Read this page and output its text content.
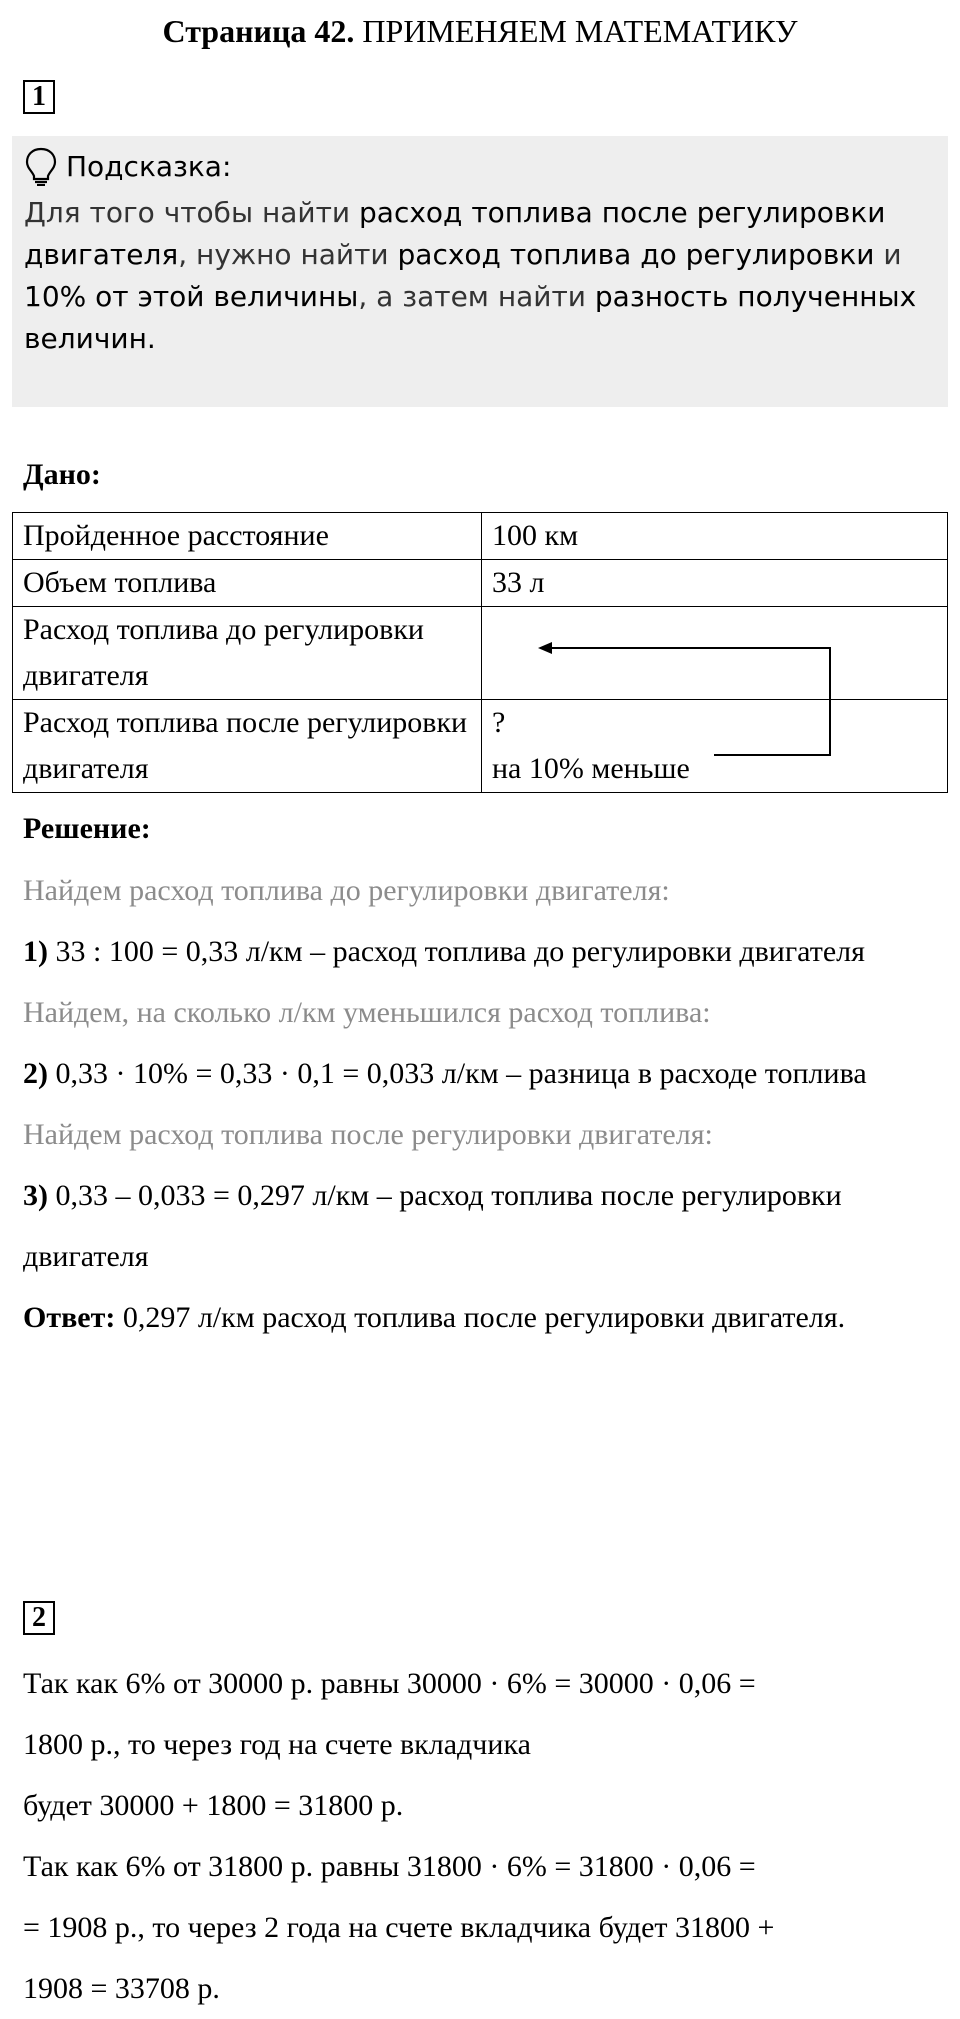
Страница 42. ПРИМЕНЯЕМ МАТЕМАТИКУ
1
Подсказка:
Для того чтобы найти расход топлива после регулировки двигателя, нужно найти расход топлива до регулировки и 10% от этой величины, а затем найти разность полученных величин.
Дано:
Пройденное расстояние	100 км
Объем топлива	33 л
Расход топлива до регулировки двигателя	
Расход топлива после регулировки двигателя	?
на 10% меньше
Решение:

Найдем расход топлива до регулировки двигателя:

1) 33 : 100 = 0,33 л/км – расход топлива до регулировки двигателя

Найдем, на сколько л/км уменьшился расход топлива:

2) 0,33 · 10% = 0,33 · 0,1 = 0,033 л/км – разница в расходе топлива

Найдем расход топлива после регулировки двигателя:

3) 0,33 – 0,033 = 0,297 л/км – расход топлива после регулировки двигателя

Ответ: 0,297 л/км расход топлива после регулировки двигателя.

2

Так как 6% от 30000 р. равны 30000 · 6% = 30000 · 0,06 =

1800 р., то через год на счете вкладчика

будет 30000 + 1800 = 31800 р.

Так как 6% от 31800 р. равны 31800 · 6% = 31800 · 0,06 =

= 1908 р., то через 2 года на счете вкладчика будет 31800 +

1908 = 33708 р.
